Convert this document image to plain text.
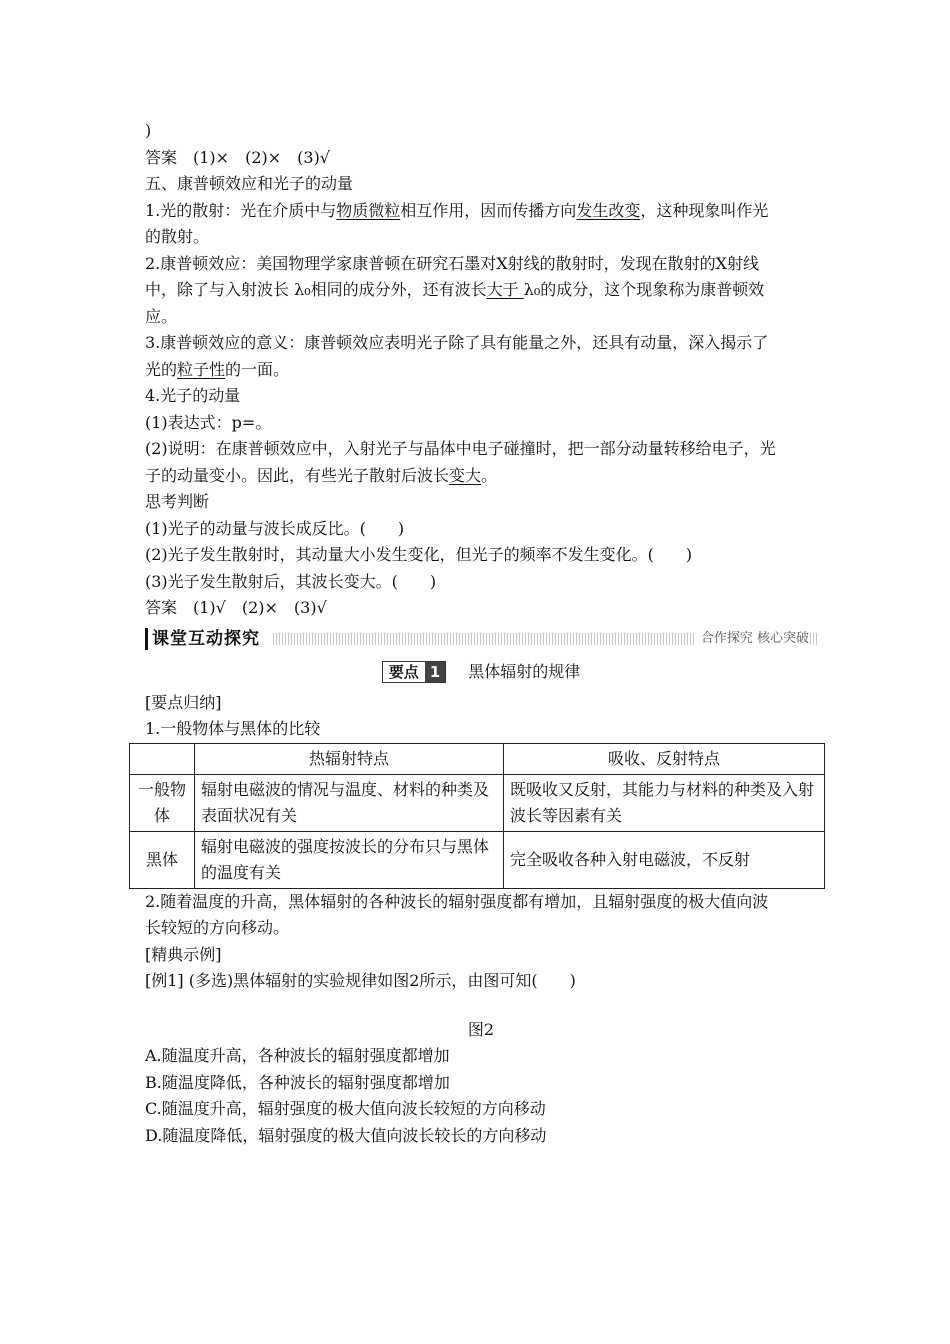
)
答案　(1)×　(2)×　(3)√
五、康普顿效应和光子的动量
1.光的散射：光在介质中与物质微粒相互作用，因而传播方向发生改变，这种现象叫作光
的散射。
2.康普顿效应：美国物理学家康普顿在研究石墨对X射线的散射时，发现在散射的X射线
中，除了与入射波长 λ₀相同的成分外，还有波长大于 λ₀的成分，这个现象称为康普顿效
应。
3.康普顿效应的意义：康普顿效应表明光子除了具有能量之外，还具有动量，深入揭示了
光的粒子性的一面。
4.光子的动量
(1)表达式：p=。
(2)说明：在康普顿效应中，入射光子与晶体中电子碰撞时，把一部分动量转移给电子，光
子的动量变小。因此，有些光子散射后波长变大。
思考判断
(1)光子的动量与波长成反比。(　　)
(2)光子发生散射时，其动量大小发生变化，但光子的频率不发生变化。(　　)
(3)光子发生散射后，其波长变大。(　　)
答案　(1)√　(2)×　(3)√
课堂互动探究	合作探究 核心突破
要点 1 黑体辐射的规律
[要点归纳]
1.一般物体与黑体的比较
	热辐射特点	吸收、反射特点
一般物体	辐射电磁波的情况与温度、材料的种类及表面状况有关	既吸收又反射，其能力与材料的种类及入射波长等因素有关
黑体	辐射电磁波的强度按波长的分布只与黑体的温度有关	完全吸收各种入射电磁波，不反射
2.随着温度的升高，黑体辐射的各种波长的辐射强度都有增加，且辐射强度的极大值向波
长较短的方向移动。
[精典示例]
[例1] (多选)黑体辐射的实验规律如图2所示，由图可知(　　)
图2
A.随温度升高，各种波长的辐射强度都增加
B.随温度降低，各种波长的辐射强度都增加
C.随温度升高，辐射强度的极大值向波长较短的方向移动
D.随温度降低，辐射强度的极大值向波长较长的方向移动
